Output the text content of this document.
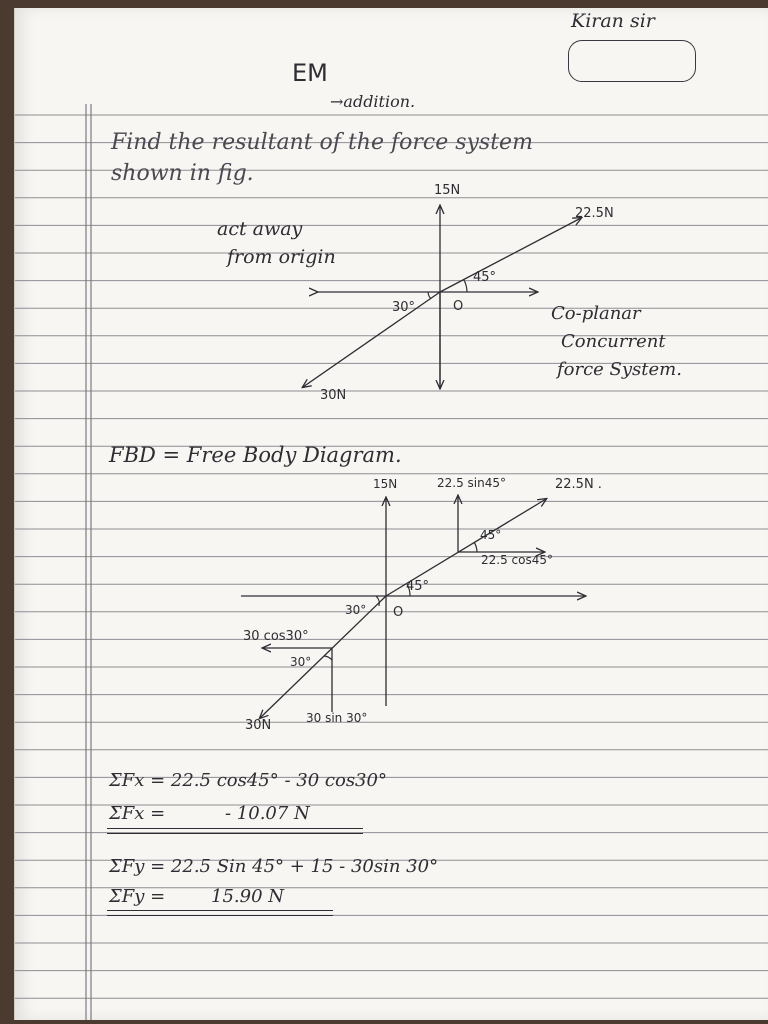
Kiran sir
EM
→addition.
Find the resultant of the force system
shown in fig.
15N
22.5N
30N
45°
30°	O
act away
from origin
Co-planar
Concurrent
force System.
FBD = Free Body Diagram.
15N	22.5 sin45°	22.5N .
45°
22.5 cos45°
45°
30° O
30 cos30°
30°
30N	30 sin 30°
ΣFx = 22.5 cos45° - 30 cos30°
ΣFx =	- 10.07 N
ΣFy = 22.5 Sin 45° + 15 - 30sin 30°
ΣFy =	15.90 N
